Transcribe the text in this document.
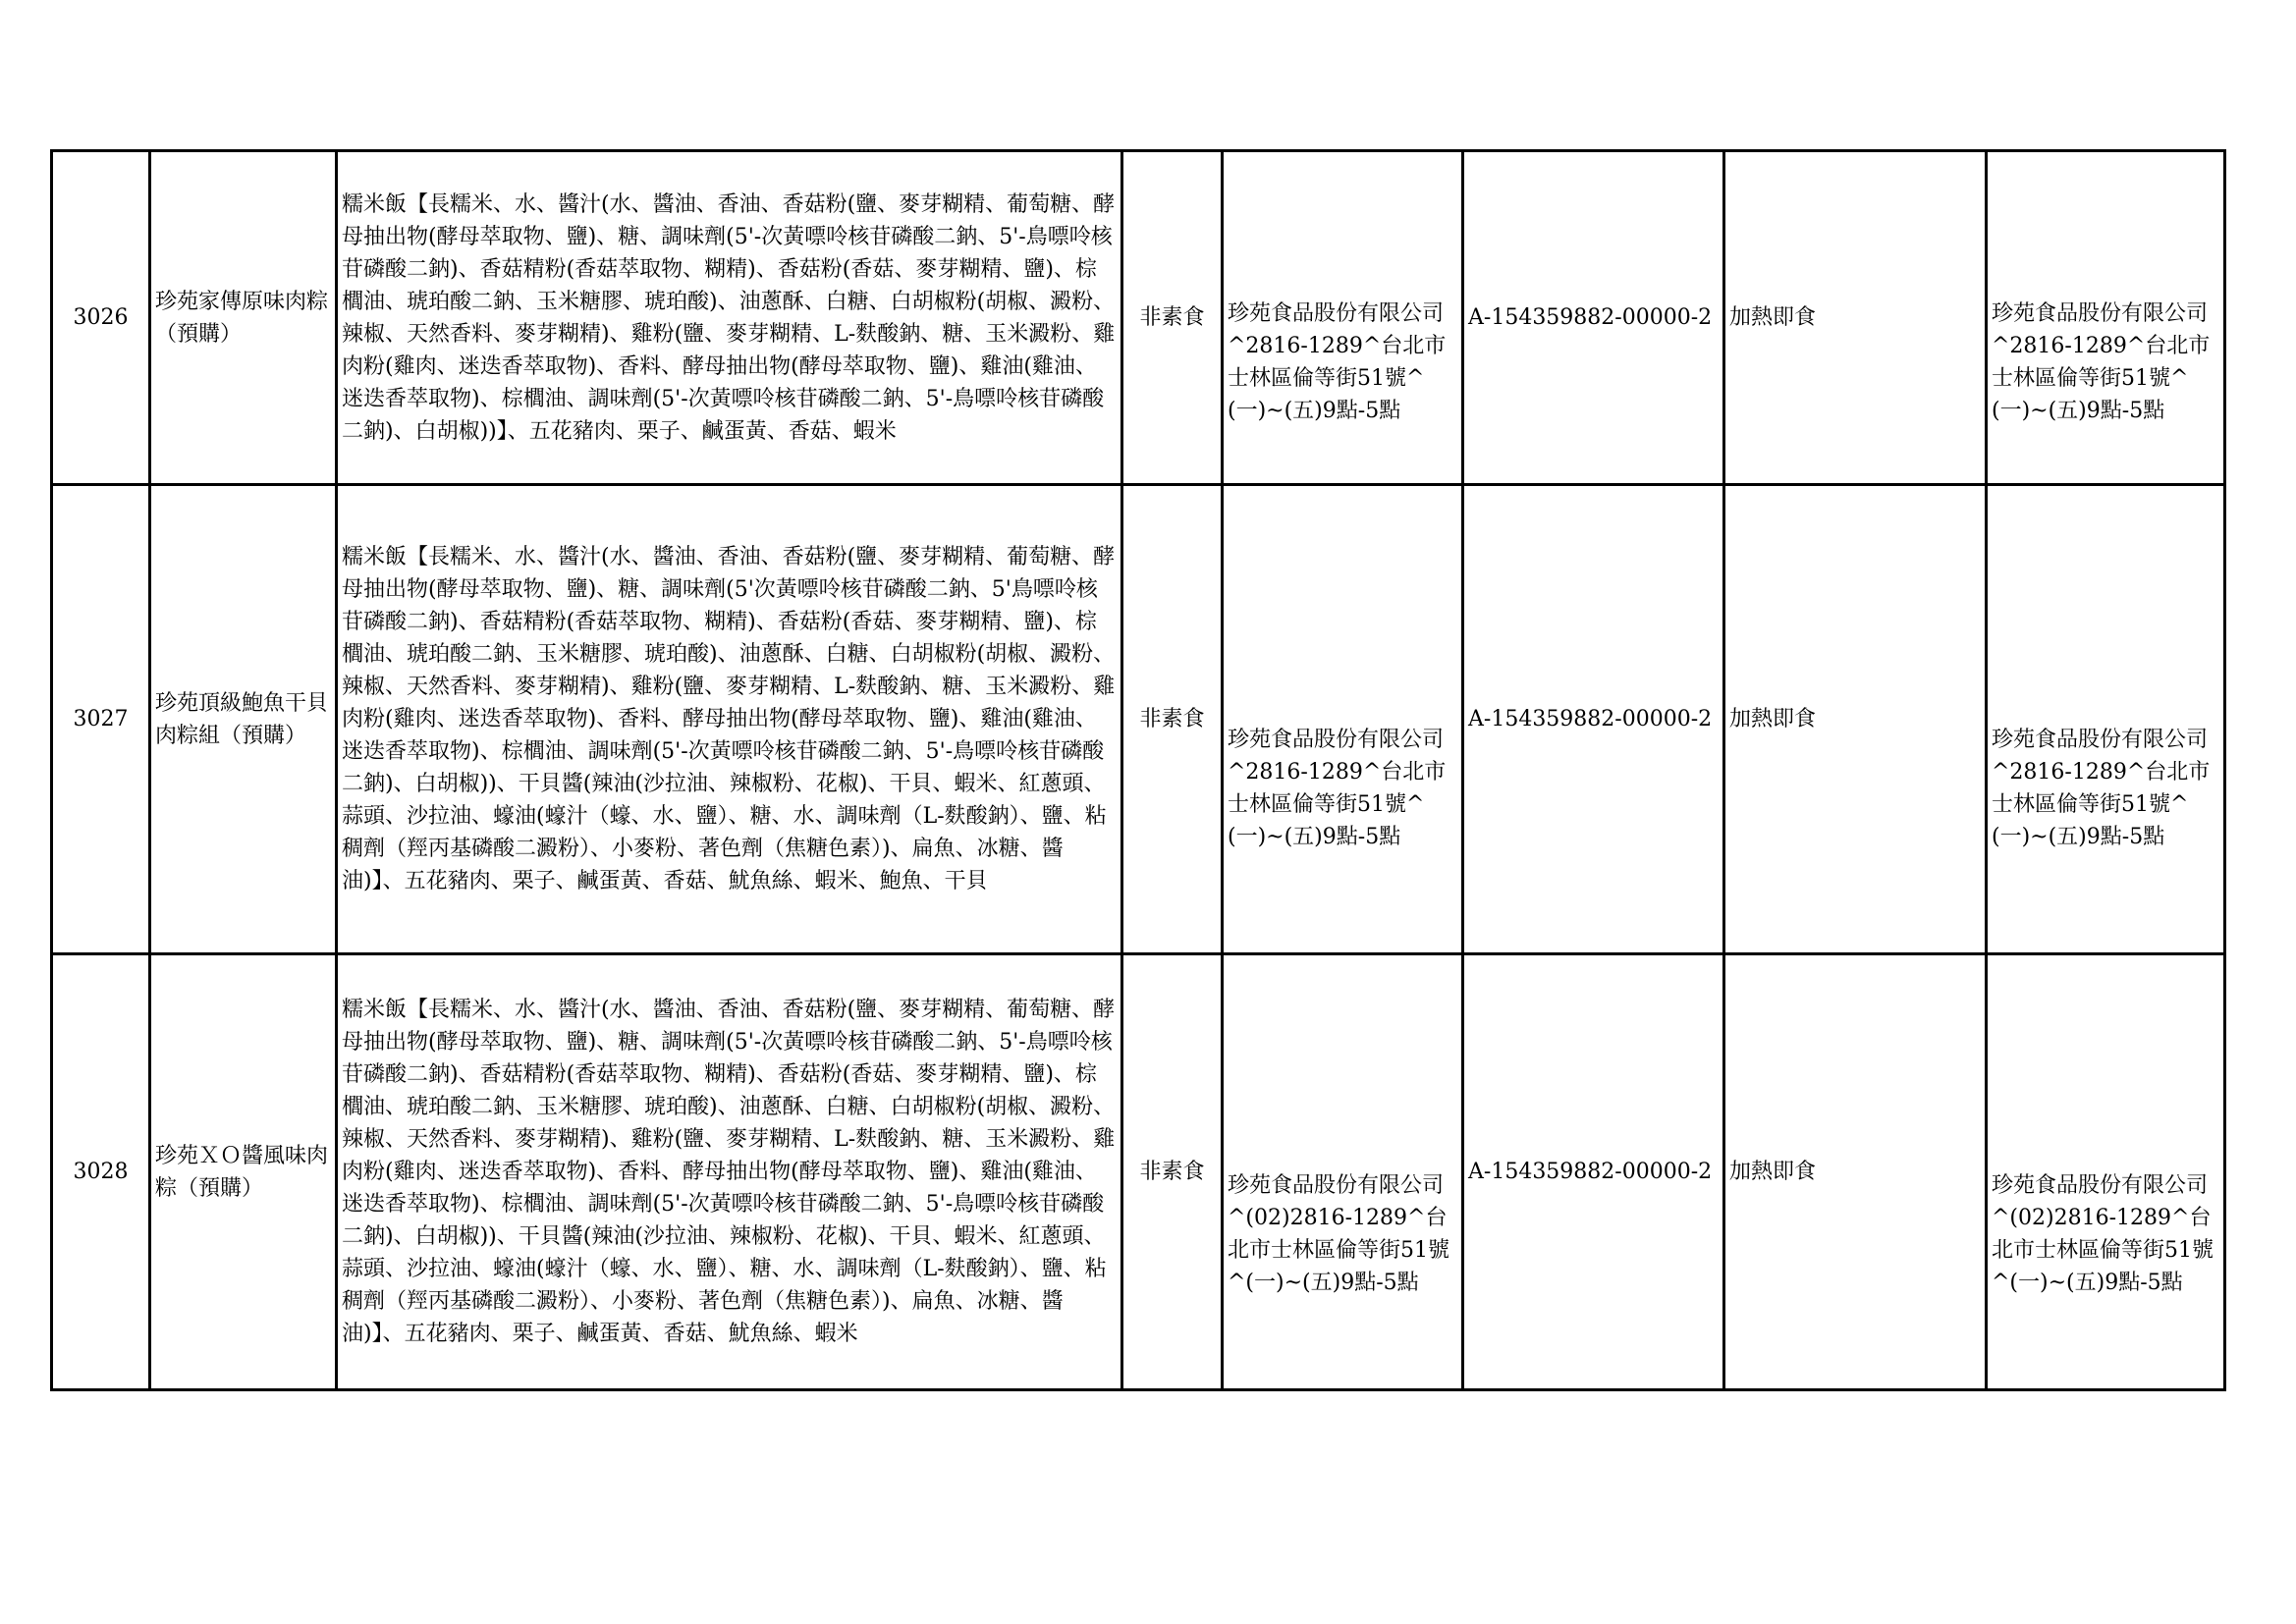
3026	珍苑家傳原味肉粽（預購）	糯米飯【長糯米、水、醬汁(水、醬油、香油、香菇粉(鹽、麥芽糊精、葡萄糖、酵母抽出物(酵母萃取物、鹽)、糖、調味劑(5'-次黃嘌呤核苷磷酸二鈉、5'-鳥嘌呤核苷磷酸二鈉)、香菇精粉(香菇萃取物、糊精)、香菇粉(香菇、麥芽糊精、鹽)、棕櫚油、琥珀酸二鈉、玉米糖膠、琥珀酸)、油蔥酥、白糖、白胡椒粉(胡椒、澱粉、辣椒、天然香料、麥芽糊精)、雞粉(鹽、麥芽糊精、L-麩酸鈉、糖、玉米澱粉、雞肉粉(雞肉、迷迭香萃取物)、香料、酵母抽出物(酵母萃取物、鹽)、雞油(雞油、迷迭香萃取物)、棕櫚油、調味劑(5'-次黃嘌呤核苷磷酸二鈉、5'-鳥嘌呤核苷磷酸二鈉)、白胡椒))】、五花豬肉、栗子、鹹蛋黃、香菇、蝦米	非素食	珍苑食品股份有限公司^2816-1289^台北市士林區倫等街51號^(一)~(五)9點-5點	A-154359882-00000-2	加熱即食	珍苑食品股份有限公司^2816-1289^台北市士林區倫等街51號^(一)~(五)9點-5點
3027	珍苑頂級鮑魚干貝肉粽組（預購）	糯米飯【長糯米、水、醬汁(水、醬油、香油、香菇粉(鹽、麥芽糊精、葡萄糖、酵母抽出物(酵母萃取物、鹽)、糖、調味劑(5'次黃嘌呤核苷磷酸二鈉、5'鳥嘌呤核苷磷酸二鈉)、香菇精粉(香菇萃取物、糊精)、香菇粉(香菇、麥芽糊精、鹽)、棕櫚油、琥珀酸二鈉、玉米糖膠、琥珀酸)、油蔥酥、白糖、白胡椒粉(胡椒、澱粉、辣椒、天然香料、麥芽糊精)、雞粉(鹽、麥芽糊精、L-麩酸鈉、糖、玉米澱粉、雞肉粉(雞肉、迷迭香萃取物)、香料、酵母抽出物(酵母萃取物、鹽)、雞油(雞油、迷迭香萃取物)、棕櫚油、調味劑(5'-次黃嘌呤核苷磷酸二鈉、5'-鳥嘌呤核苷磷酸二鈉)、白胡椒))、干貝醬(辣油(沙拉油、辣椒粉、花椒)、干貝、蝦米、紅蔥頭、蒜頭、沙拉油、蠔油(蠔汁（蠔、水、鹽）、糖、水、調味劑（L-麩酸鈉）、鹽、粘稠劑（羥丙基磷酸二澱粉）、小麥粉、著色劑（焦糖色素）)、扁魚、冰糖、醬油)】、五花豬肉、栗子、鹹蛋黃、香菇、魷魚絲、蝦米、鮑魚、干貝	非素食	珍苑食品股份有限公司^2816-1289^台北市士林區倫等街51號^(一)~(五)9點-5點	A-154359882-00000-2	加熱即食	珍苑食品股份有限公司^2816-1289^台北市士林區倫等街51號^(一)~(五)9點-5點
3028	珍苑ＸＯ醬風味肉粽（預購）	糯米飯【長糯米、水、醬汁(水、醬油、香油、香菇粉(鹽、麥芽糊精、葡萄糖、酵母抽出物(酵母萃取物、鹽)、糖、調味劑(5'-次黃嘌呤核苷磷酸二鈉、5'-鳥嘌呤核苷磷酸二鈉)、香菇精粉(香菇萃取物、糊精)、香菇粉(香菇、麥芽糊精、鹽)、棕櫚油、琥珀酸二鈉、玉米糖膠、琥珀酸)、油蔥酥、白糖、白胡椒粉(胡椒、澱粉、辣椒、天然香料、麥芽糊精)、雞粉(鹽、麥芽糊精、L-麩酸鈉、糖、玉米澱粉、雞肉粉(雞肉、迷迭香萃取物)、香料、酵母抽出物(酵母萃取物、鹽)、雞油(雞油、迷迭香萃取物)、棕櫚油、調味劑(5'-次黃嘌呤核苷磷酸二鈉、5'-鳥嘌呤核苷磷酸二鈉)、白胡椒))、干貝醬(辣油(沙拉油、辣椒粉、花椒)、干貝、蝦米、紅蔥頭、蒜頭、沙拉油、蠔油(蠔汁（蠔、水、鹽）、糖、水、調味劑（L-麩酸鈉）、鹽、粘稠劑（羥丙基磷酸二澱粉）、小麥粉、著色劑（焦糖色素）)、扁魚、冰糖、醬油)】、五花豬肉、栗子、鹹蛋黃、香菇、魷魚絲、蝦米	非素食	珍苑食品股份有限公司^(02)2816-1289^台北市士林區倫等街51號^(一)~(五)9點-5點	A-154359882-00000-2	加熱即食	珍苑食品股份有限公司^(02)2816-1289^台北市士林區倫等街51號^(一)~(五)9點-5點
